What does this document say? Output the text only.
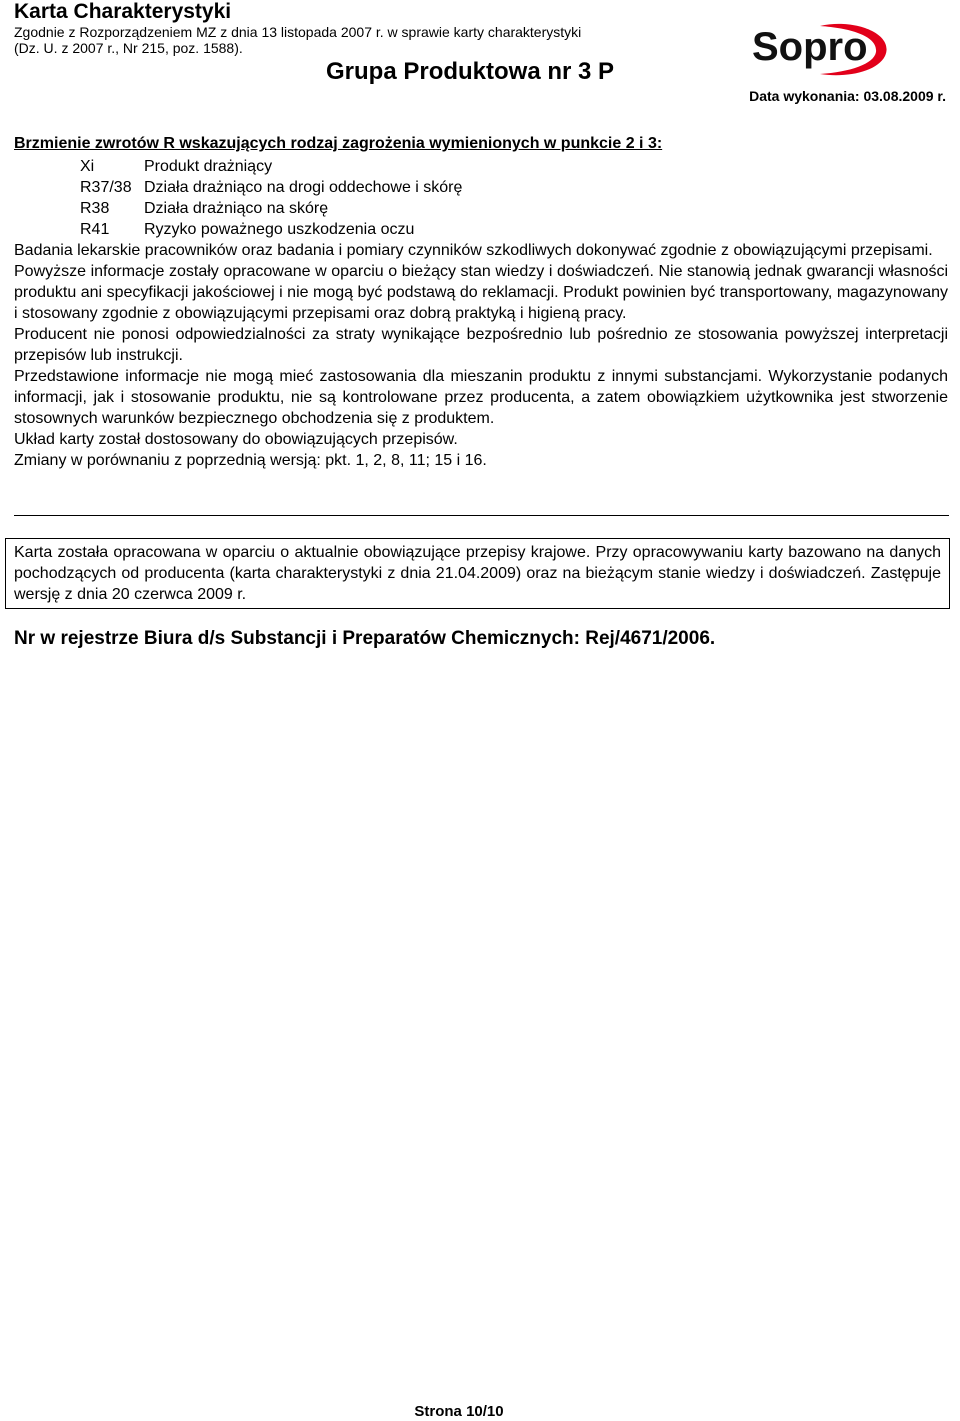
Karta Charakterystyki
Zgodnie z Rozporządzeniem MZ z dnia 13 listopada 2007 r. w sprawie karty charakterystyki
(Dz. U. z 2007 r., Nr 215, poz. 1588).
Grupa Produktowa nr 3 P
Data wykonania: 03.08.2009 r.
Sopro
Brzmienie zwrotów R wskazujących rodzaj zagrożenia wymienionych w punkcie 2 i 3:
Xi	Produkt drażniący
R37/38 Działa drażniąco na drogi oddechowe i skórę
R38	Działa drażniąco na skórę
R41	Ryzyko poważnego uszkodzenia oczu

Badania lekarskie pracowników oraz badania i pomiary czynników szkodliwych dokonywać zgodnie z obowiązującymi przepisami.

Powyższe informacje zostały opracowane w oparciu o bieżący stan wiedzy i doświadczeń. Nie stanowią jednak gwarancji własności produktu ani specyfikacji jakościowej i nie mogą być podstawą do reklamacji. Produkt powinien być transportowany, magazynowany i stosowany zgodnie z obowiązującymi przepisami oraz dobrą praktyką i higieną pracy.

Producent nie ponosi odpowiedzialności za straty wynikające bezpośrednio lub pośrednio ze stosowania powyższej interpretacji przepisów lub instrukcji.

Przedstawione informacje nie mogą mieć zastosowania dla mieszanin produktu z innymi substancjami. Wykorzystanie podanych informacji, jak i stosowanie produktu, nie są kontrolowane przez producenta, a zatem obowiązkiem użytkownika jest stworzenie stosownych warunków bezpiecznego obchodzenia się z produktem.

Układ karty został dostosowany do obowiązujących przepisów.

Zmiany w porównaniu z poprzednią wersją: pkt. 1, 2, 8, 11; 15 i 16.

Karta została opracowana w oparciu o aktualnie obowiązujące przepisy krajowe. Przy opracowywaniu karty bazowano na danych pochodzących od producenta (karta charakterystyki z dnia 21.04.2009) oraz na bieżącym stanie wiedzy i doświadczeń. Zastępuje wersję z dnia 20 czerwca 2009 r.
Nr w rejestrze Biura d/s Substancji i Preparatów Chemicznych: Rej/4671/2006.
Strona 10/10
